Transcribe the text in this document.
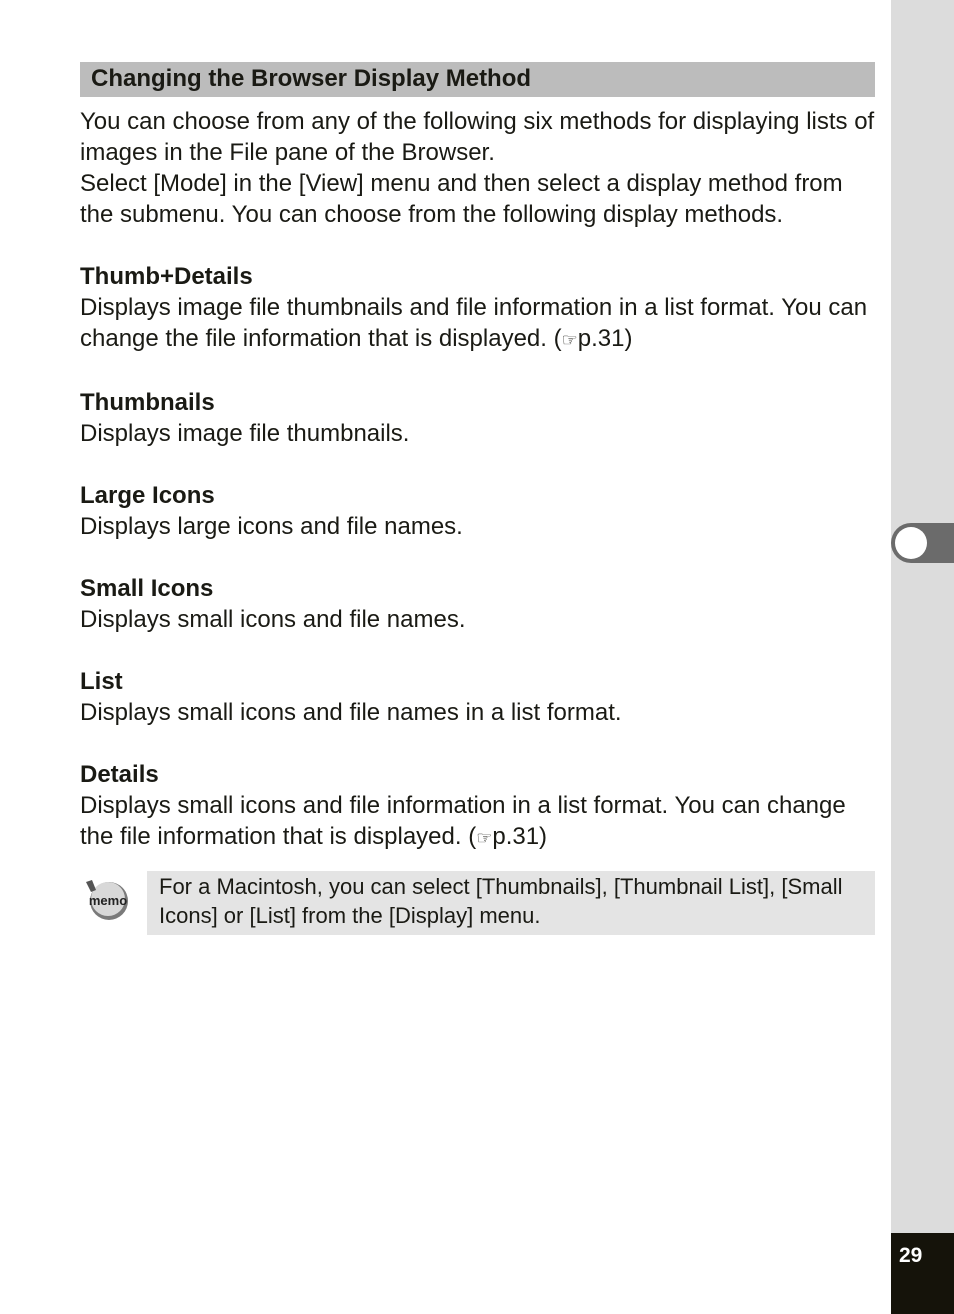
29
Changing the Browser Display Method

You can choose from any of the following six methods for displaying lists of images in the File pane of the Browser.

Select [Mode] in the [View] menu and then select a display method from the submenu. You can choose from the following display methods.

Thumb+Details

Displays image file thumbnails and file information in a list format. You can change the file information that is displayed. (☞p.31)

Thumbnails

Displays image file thumbnails.

Large Icons

Displays large icons and file names.

Small Icons

Displays small icons and file names.

List

Displays small icons and file names in a list format.

Details

Displays small icons and file information in a list format. You can change the file information that is displayed. (☞p.31)

memo
For a Macintosh, you can select [Thumbnails], [Thumbnail List], [Small Icons] or [List] from the [Display] menu.
